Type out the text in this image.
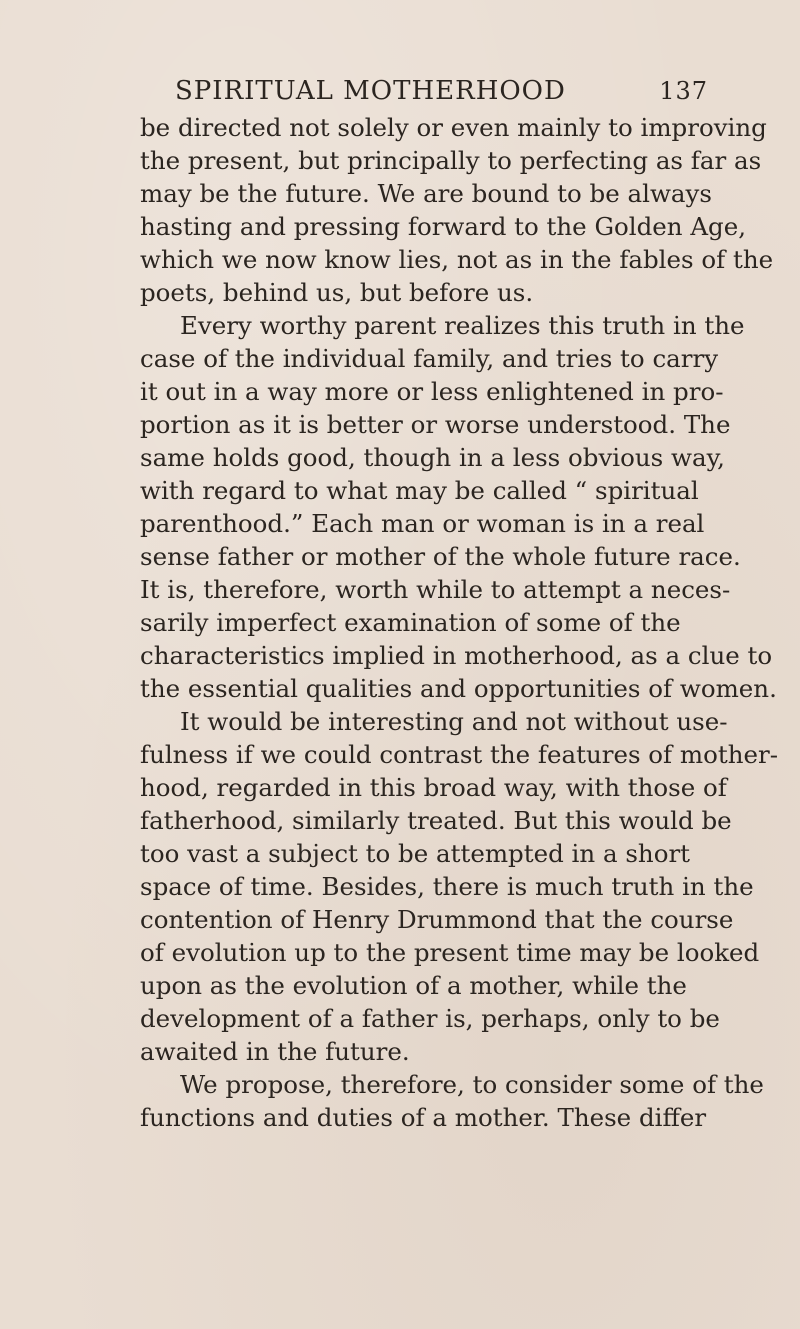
SPIRITUAL MOTHERHOOD	137
be directed not solely or even mainly to improving
the present, but principally to perfecting as far as
may be the future. We are bound to be always
hasting and pressing forward to the Golden Age,
which we now know lies, not as in the fables of the
poets, behind us, but before us.
Every worthy parent realizes this truth in the
case of the individual family, and tries to carry
it out in a way more or less enlightened in pro-
portion as it is better or worse understood. The
same holds good, though in a less obvious way,
with regard to what may be called “ spiritual
parenthood.” Each man or woman is in a real
sense father or mother of the whole future race.
It is, therefore, worth while to attempt a neces-
sarily imperfect examination of some of the
characteristics implied in motherhood, as a clue to
the essential qualities and opportunities of women.
It would be interesting and not without use-
fulness if we could contrast the features of mother-
hood, regarded in this broad way, with those of
fatherhood, similarly treated. But this would be
too vast a subject to be attempted in a short
space of time. Besides, there is much truth in the
contention of Henry Drummond that the course
of evolution up to the present time may be looked
upon as the evolution of a mother, while the
development of a father is, perhaps, only to be
awaited in the future.
We propose, therefore, to consider some of the
functions and duties of a mother. These differ
